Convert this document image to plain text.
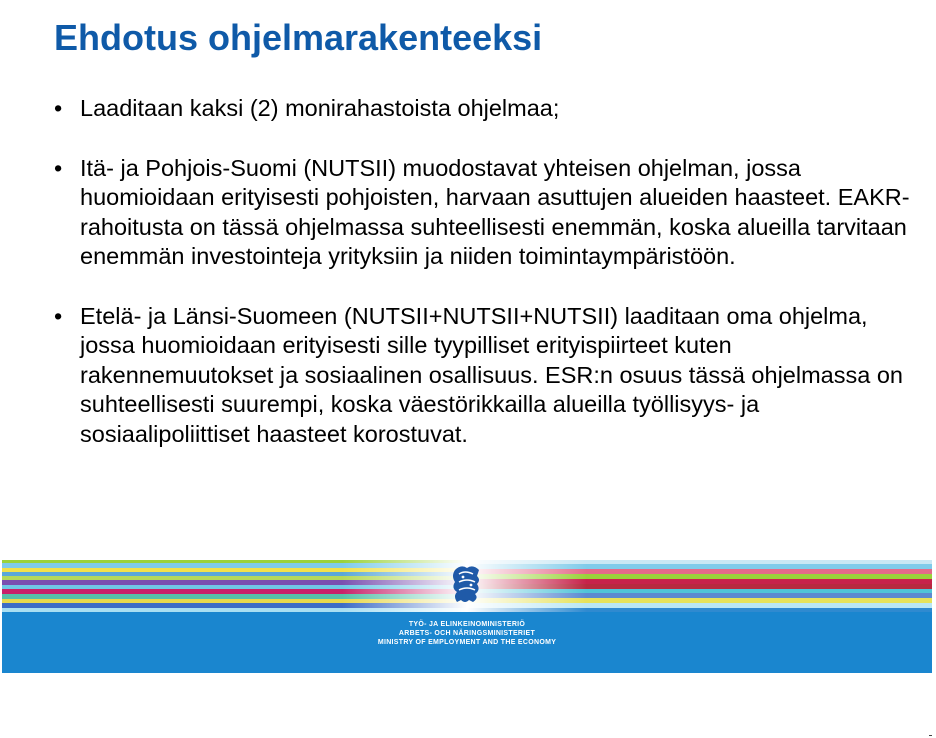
Ehdotus ohjelmarakenteeksi
• Laaditaan kaksi (2) monirahastoista ohjelmaa;
• Itä- ja Pohjois-Suomi (NUTSII) muodostavat yhteisen ohjelman, jossa huomioidaan erityisesti pohjoisten, harvaan asuttujen alueiden haasteet. EAKR-rahoitusta on tässä ohjelmassa suhteellisesti enemmän, koska alueilla tarvitaan enemmän investointeja yrityksiin ja niiden toimintaympäristöön.
• Etelä- ja Länsi-Suomeen (NUTSII+NUTSII+NUTSII) laaditaan oma ohjelma, jossa huomioidaan erityisesti sille tyypilliset erityispiirteet kuten rakennemuutokset ja sosiaalinen osallisuus. ESR:n osuus tässä ohjelmassa on suhteellisesti suurempi, koska väestörikkailla alueilla työllisyys- ja sosiaalipoliittiset haasteet korostuvat.
TYÖ- JA ELINKEINOMINISTERIÖ
ARBETS- OCH NÄRINGSMINISTERIET
MINISTRY OF EMPLOYMENT AND THE ECONOMY
